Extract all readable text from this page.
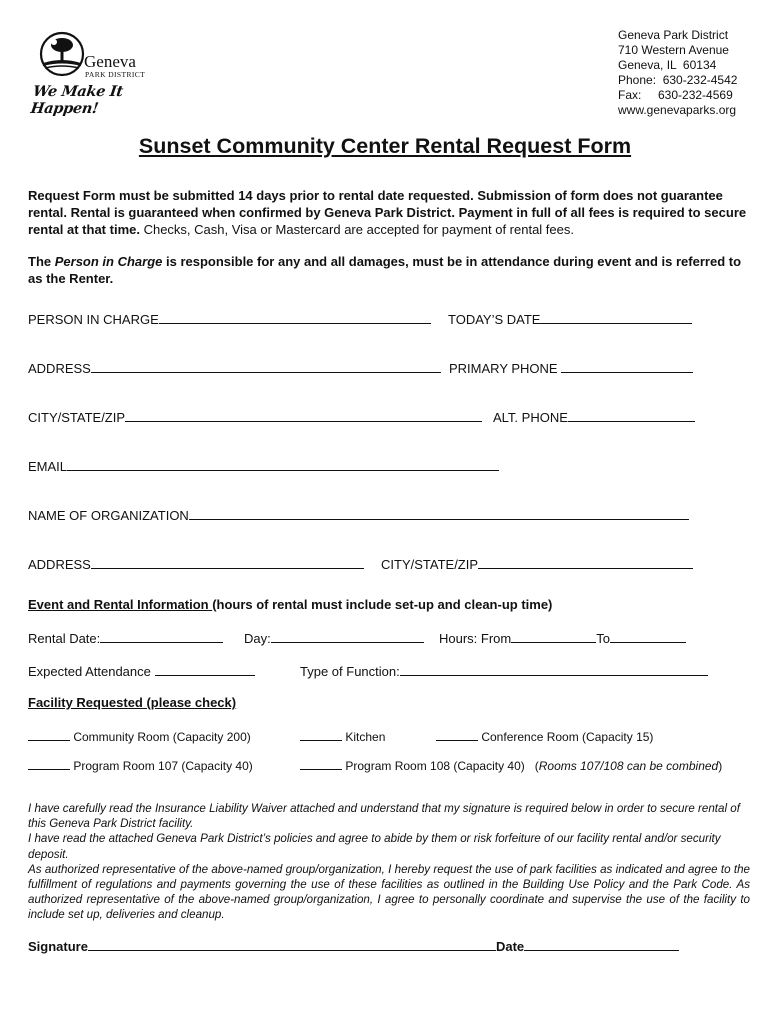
Geneva
PARK DISTRICT
We Make It Happen!
Geneva Park District
710 Western Avenue
Geneva, IL  60134
Phone:  630-232-4542
Fax:     630-232-4569
www.genevaparks.org
Sunset Community Center Rental Request Form
Request Form must be submitted 14 days prior to rental date requested. Submission of form does not guarantee rental. Rental is guaranteed when confirmed by Geneva Park District. Payment in full of all fees is required to secure rental at that time. Checks, Cash, Visa or Mastercard are accepted for payment of rental fees.
The Person in Charge is responsible for any and all damages, must be in attendance during event and is referred to as the Renter.
PERSON IN CHARGE	TODAY’S DATE
ADDRESS	PRIMARY PHONE
CITY/STATE/ZIP	ALT. PHONE
EMAIL
NAME OF ORGANIZATION
ADDRESS	CITY/STATE/ZIP
Event and Rental Information (hours of rental must include set-up and clean-up time)
Rental Date:	Day:	Hours: From	To
Expected Attendance	Type of Function:
Facility Requested (please check)
Community Room (Capacity 200)	Kitchen	Conference Room (Capacity 15)
Program Room 107 (Capacity 40)	Program Room 108 (Capacity 40)   (Rooms 107/108 can be combined)

I have carefully read the Insurance Liability Waiver attached and understand that my signature is required below in order to secure rental of this Geneva Park District facility.

I have read the attached Geneva Park District’s policies and agree to abide by them or risk forfeiture of our facility rental and/or security deposit.

As authorized representative of the above-named group/organization, I hereby request the use of park facilities as indicated and agree to the fulfillment of regulations and payments governing the use of these facilities as outlined in the Building Use Policy and the Park Code. As authorized representative of the above-named group/organization, I agree to personally coordinate and supervise the use of the facility to include set up, deliveries and cleanup.

Signature	Date
